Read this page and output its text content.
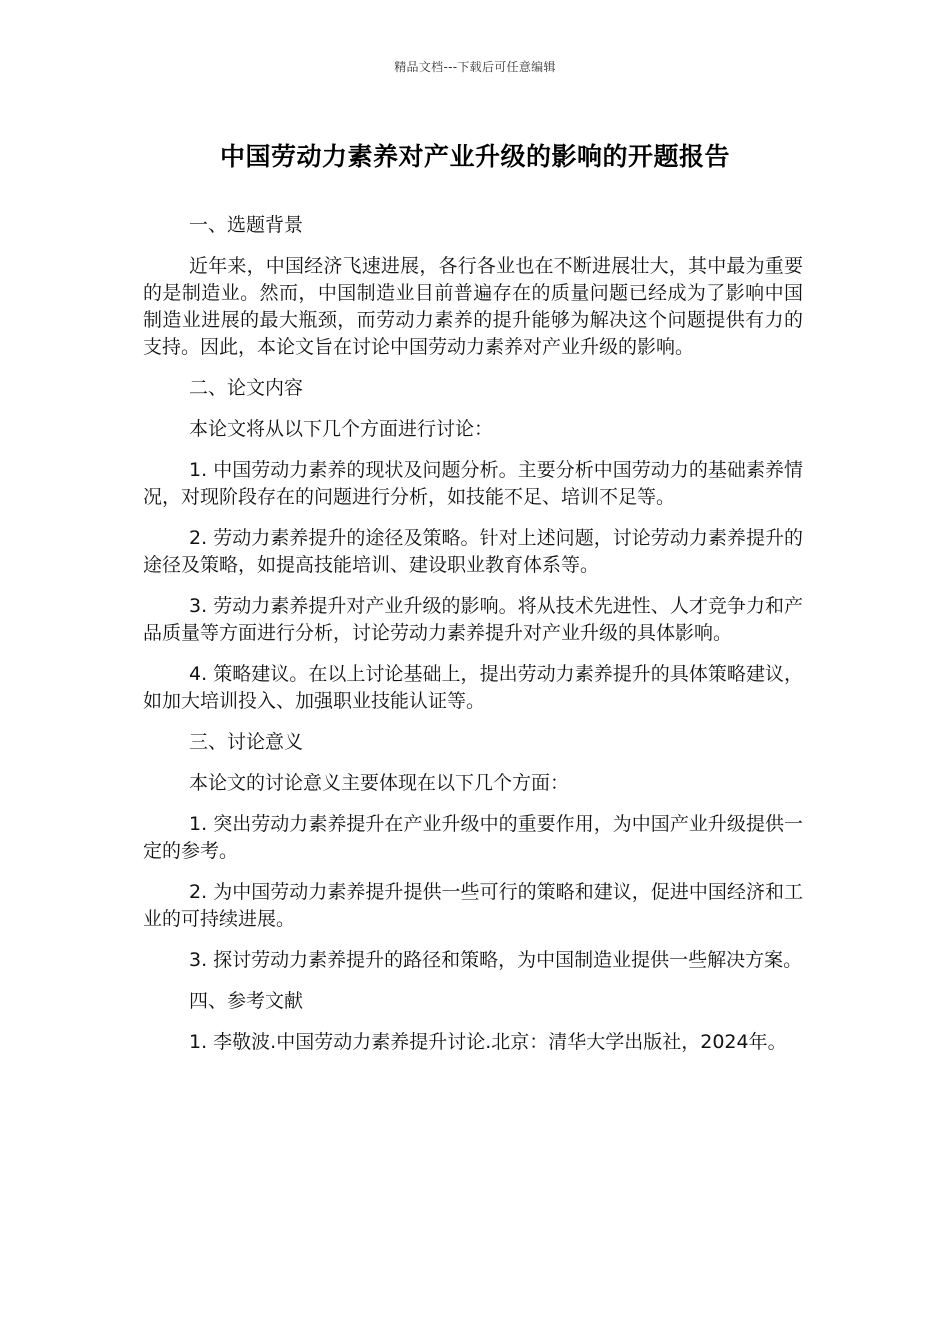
精品文档---下载后可任意编辑
中国劳动力素养对产业升级的影响的开题报告

一、选题背景

近年来，中国经济飞速进展，各行各业也在不断进展壮大，其中最为重要的是制造业。然而，中国制造业目前普遍存在的质量问题已经成为了影响中国制造业进展的最大瓶颈，而劳动力素养的提升能够为解决这个问题提供有力的支持。因此，本论文旨在讨论中国劳动力素养对产业升级的影响。

二、论文内容

本论文将从以下几个方面进行讨论：

1. 中国劳动力素养的现状及问题分析。主要分析中国劳动力的基础素养情况，对现阶段存在的问题进行分析，如技能不足、培训不足等。

2. 劳动力素养提升的途径及策略。针对上述问题，讨论劳动力素养提升的途径及策略，如提高技能培训、建设职业教育体系等。

3. 劳动力素养提升对产业升级的影响。将从技术先进性、人才竞争力和产品质量等方面进行分析，讨论劳动力素养提升对产业升级的具体影响。

4. 策略建议。在以上讨论基础上，提出劳动力素养提升的具体策略建议，如加大培训投入、加强职业技能认证等。

三、讨论意义

本论文的讨论意义主要体现在以下几个方面：

1. 突出劳动力素养提升在产业升级中的重要作用，为中国产业升级提供一定的参考。

2. 为中国劳动力素养提升提供一些可行的策略和建议，促进中国经济和工业的可持续进展。

3. 探讨劳动力素养提升的路径和策略，为中国制造业提供一些解决方案。

四、参考文献

1. 李敬波.中国劳动力素养提升讨论.北京：清华大学出版社，2024年。
